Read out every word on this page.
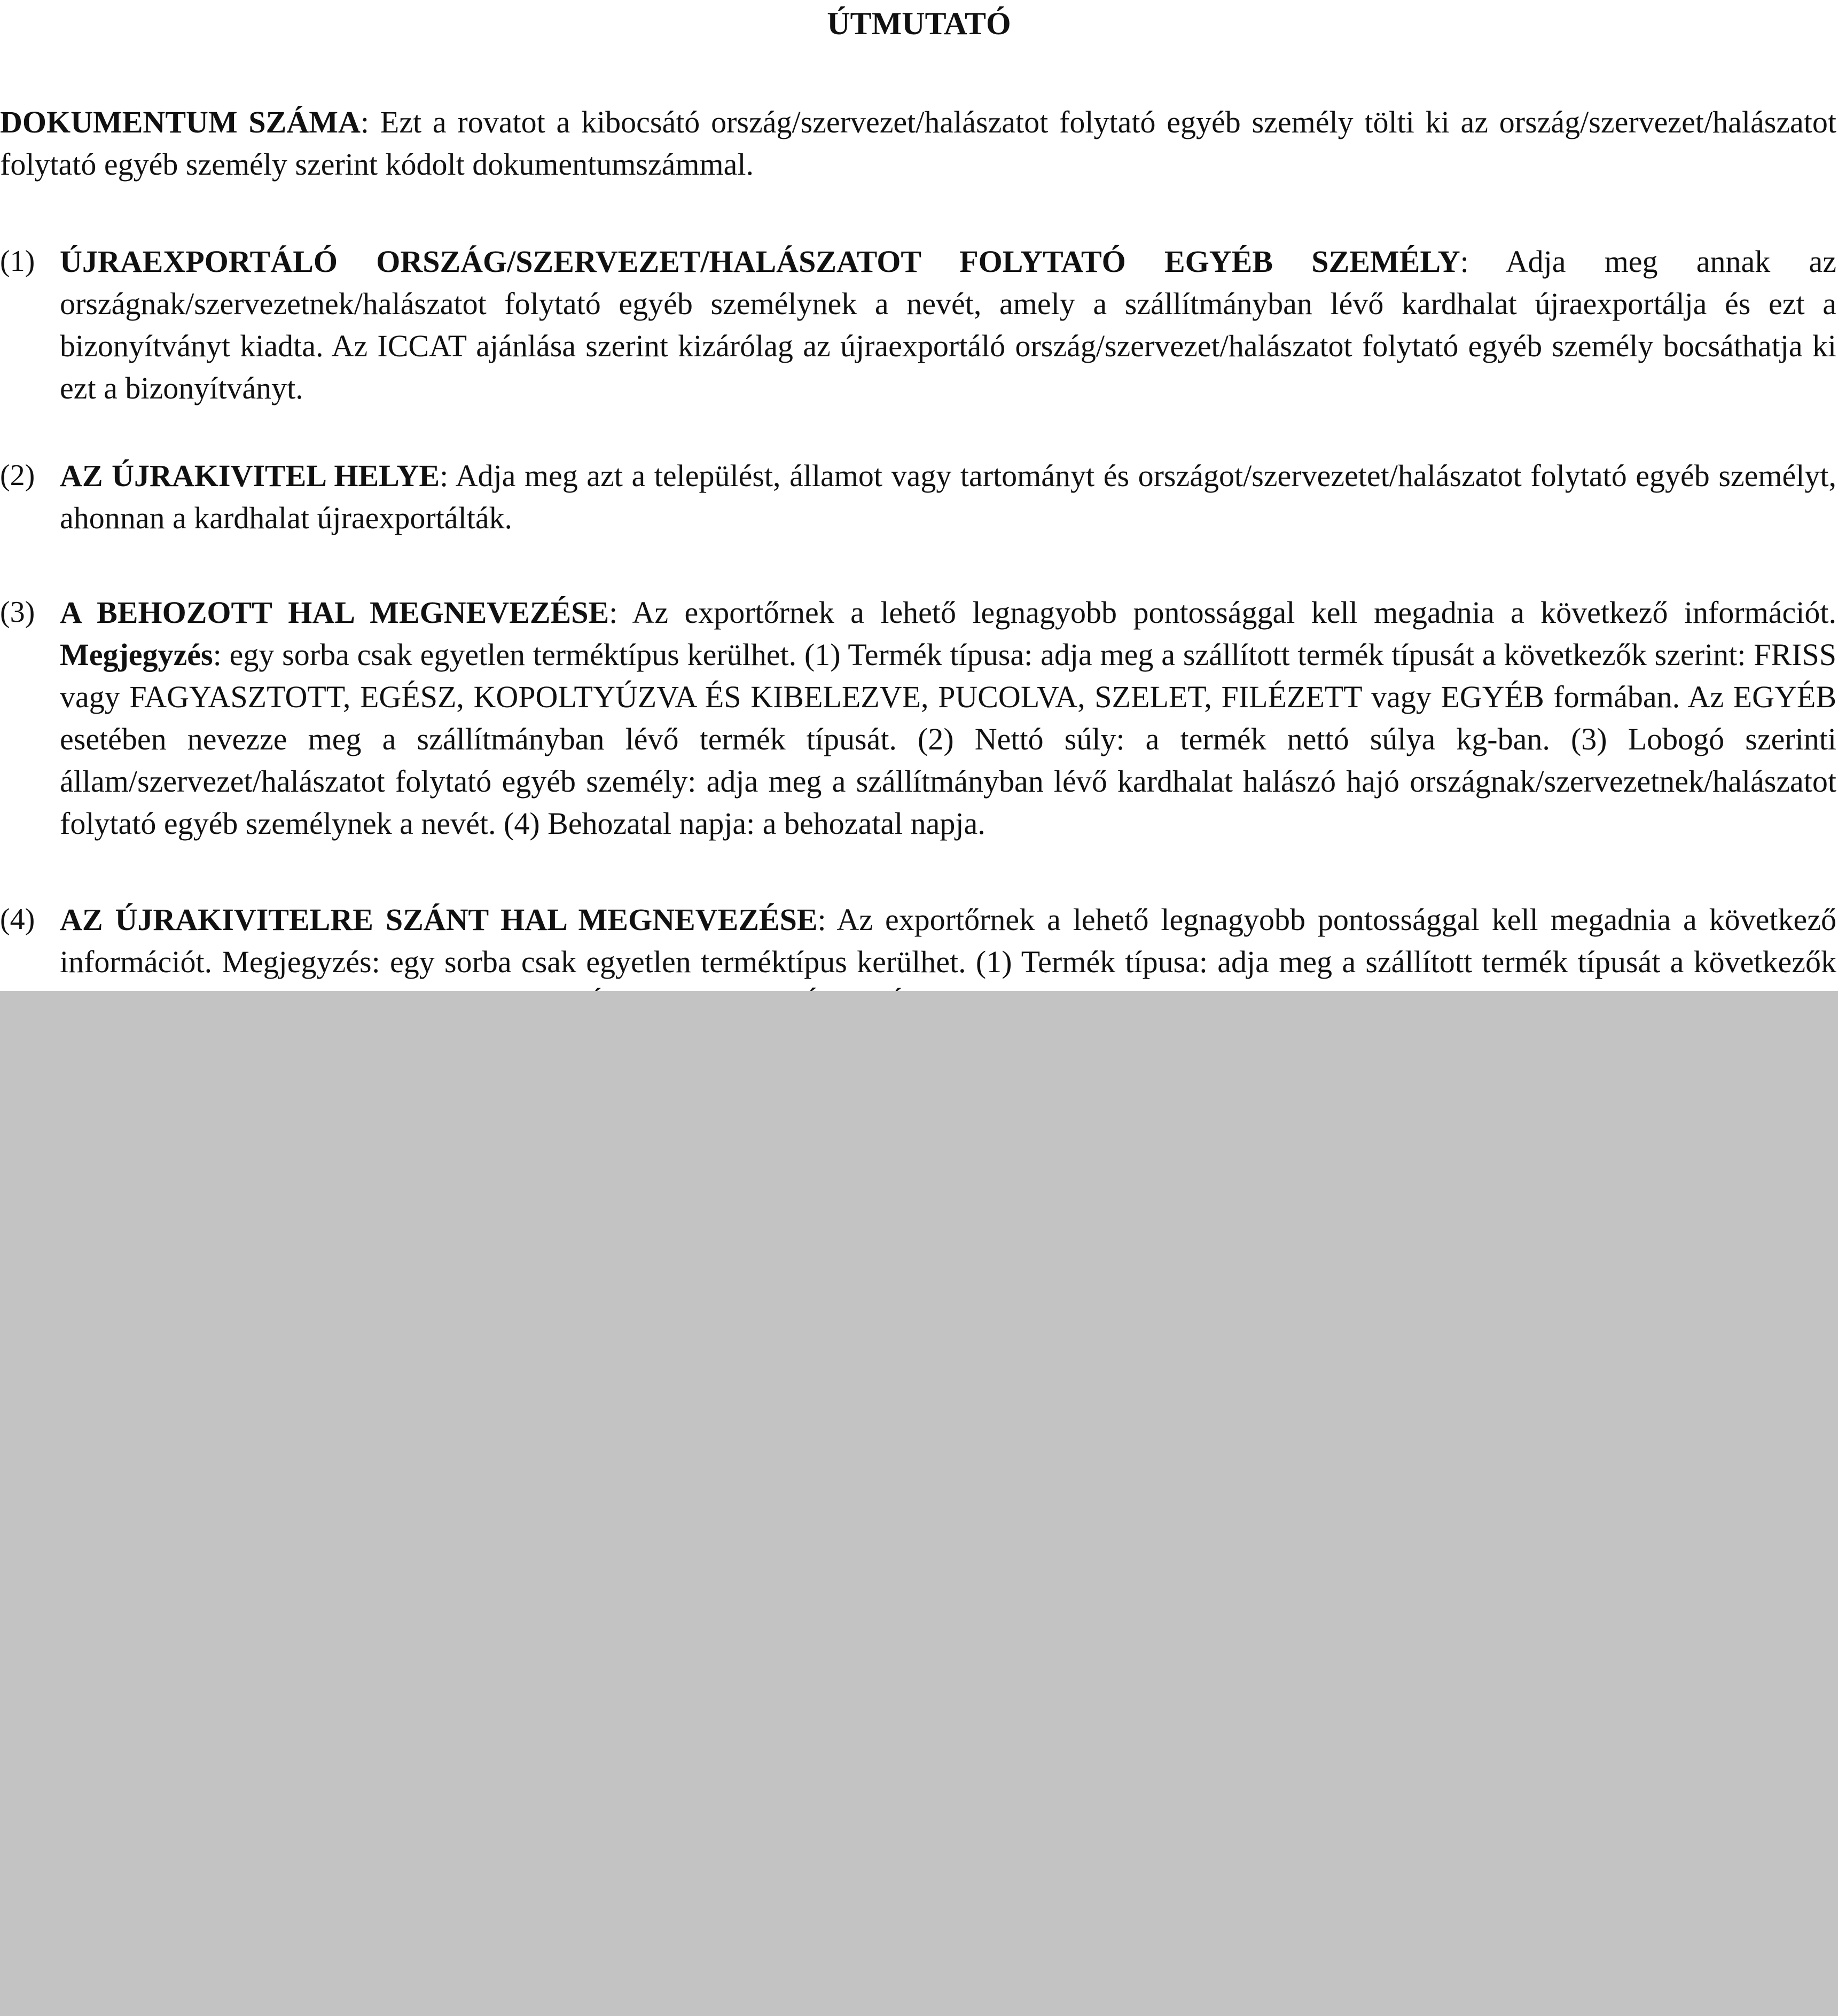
ÚTMUTATÓ

DOKUMENTUM SZÁMA: Ezt a rovatot a kibocsátó ország/szervezet/halászatot folytató egyéb személy tölti ki az ország/szervezet/halászatot folytató egyéb személy szerint kódolt dokumentumszámmal.

(1) ÚJRAEXPORTÁLÓ ORSZÁG/SZERVEZET/HALÁSZATOT FOLYTATÓ EGYÉB SZEMÉLY: Adja meg annak az országnak/szervezetnek/halászatot folytató egyéb személynek a nevét, amely a szállítmányban lévő kardhalat újraexportálja és ezt a bizonyítványt kiadta. Az ICCAT ajánlása szerint kizárólag az újraexportáló ország/szervezet/halászatot folytató egyéb személy bocsáthatja ki ezt a bizonyítványt.

(2) AZ ÚJRAKIVITEL HELYE: Adja meg azt a települést, államot vagy tartományt és országot/szervezetet/halászatot folytató egyéb személyt, ahonnan a kardhalat újraexportálták.

(3) A BEHOZOTT HAL MEGNEVEZÉSE: Az exportőrnek a lehető legnagyobb pontossággal kell megadnia a következő információt. Megjegyzés: egy sorba csak egyetlen terméktípus kerülhet. (1) Termék típusa: adja meg a szállított termék típusát a következők szerint: FRISS vagy FAGYASZTOTT, EGÉSZ, KOPOLTYÚZVA ÉS KIBELEZVE, PUCOLVA, SZELET, FILÉZETT vagy EGYÉB formában. Az EGYÉB esetében nevezze meg a szállítmányban lévő termék típusát. (2) Nettó súly: a termék nettó súlya kg-ban. (3) Lobogó szerinti állam/szervezet/halászatot folytató egyéb személy: adja meg a szállítmányban lévő kardhalat halászó hajó országnak/szervezetnek/halászatot folytató egyéb személynek a nevét. (4) Behozatal napja: a behozatal napja.

(4) AZ ÚJRAKIVITELRE SZÁNT HAL MEGNEVEZÉSE: Az exportőrnek a lehető legnagyobb pontossággal kell megadnia a következő információt. Megjegyzés: egy sorba csak egyetlen terméktípus kerülhet. (1) Termék típusa: adja meg a szállított termék típusát a következők
